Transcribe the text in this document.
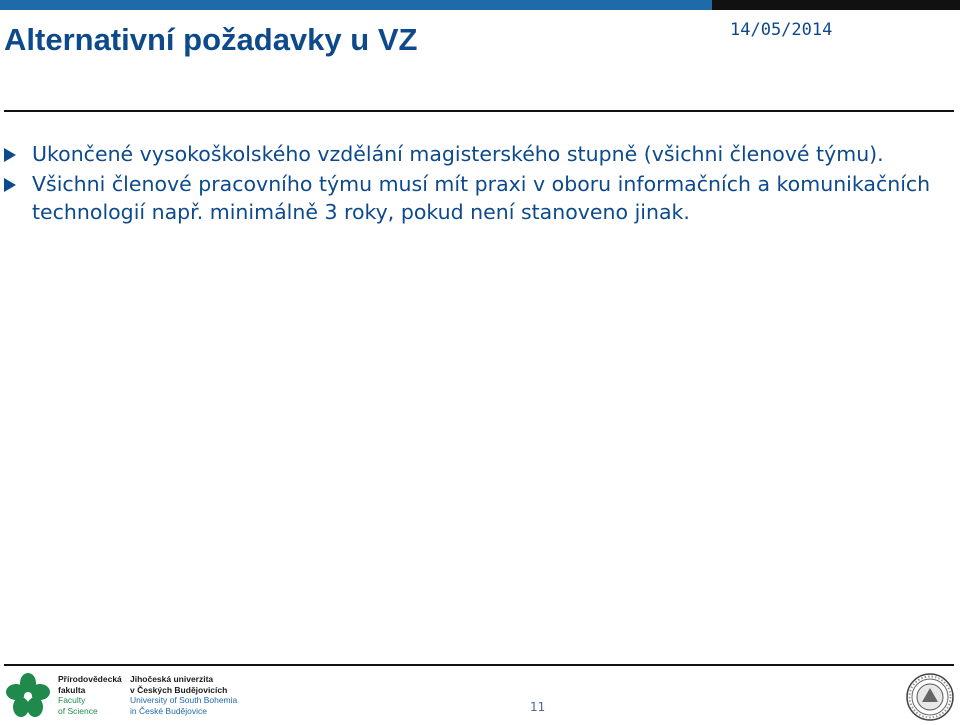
Alternativní požadavky u VZ	14/05/2014
Ukončené vysokoškolského vzdělání magisterského stupně (všichni členové týmu).
Všichni členové pracovního týmu musí mít praxi v oboru informačních a komunikačních technologií např. minimálně 3 roky, pokud není stanoveno jinak.
Přírodovědecká
fakulta
Faculty
of Science
Jihočeská univerzita
v Českých Budějovicích
University of South Bohemia
in České Budějovice	11
